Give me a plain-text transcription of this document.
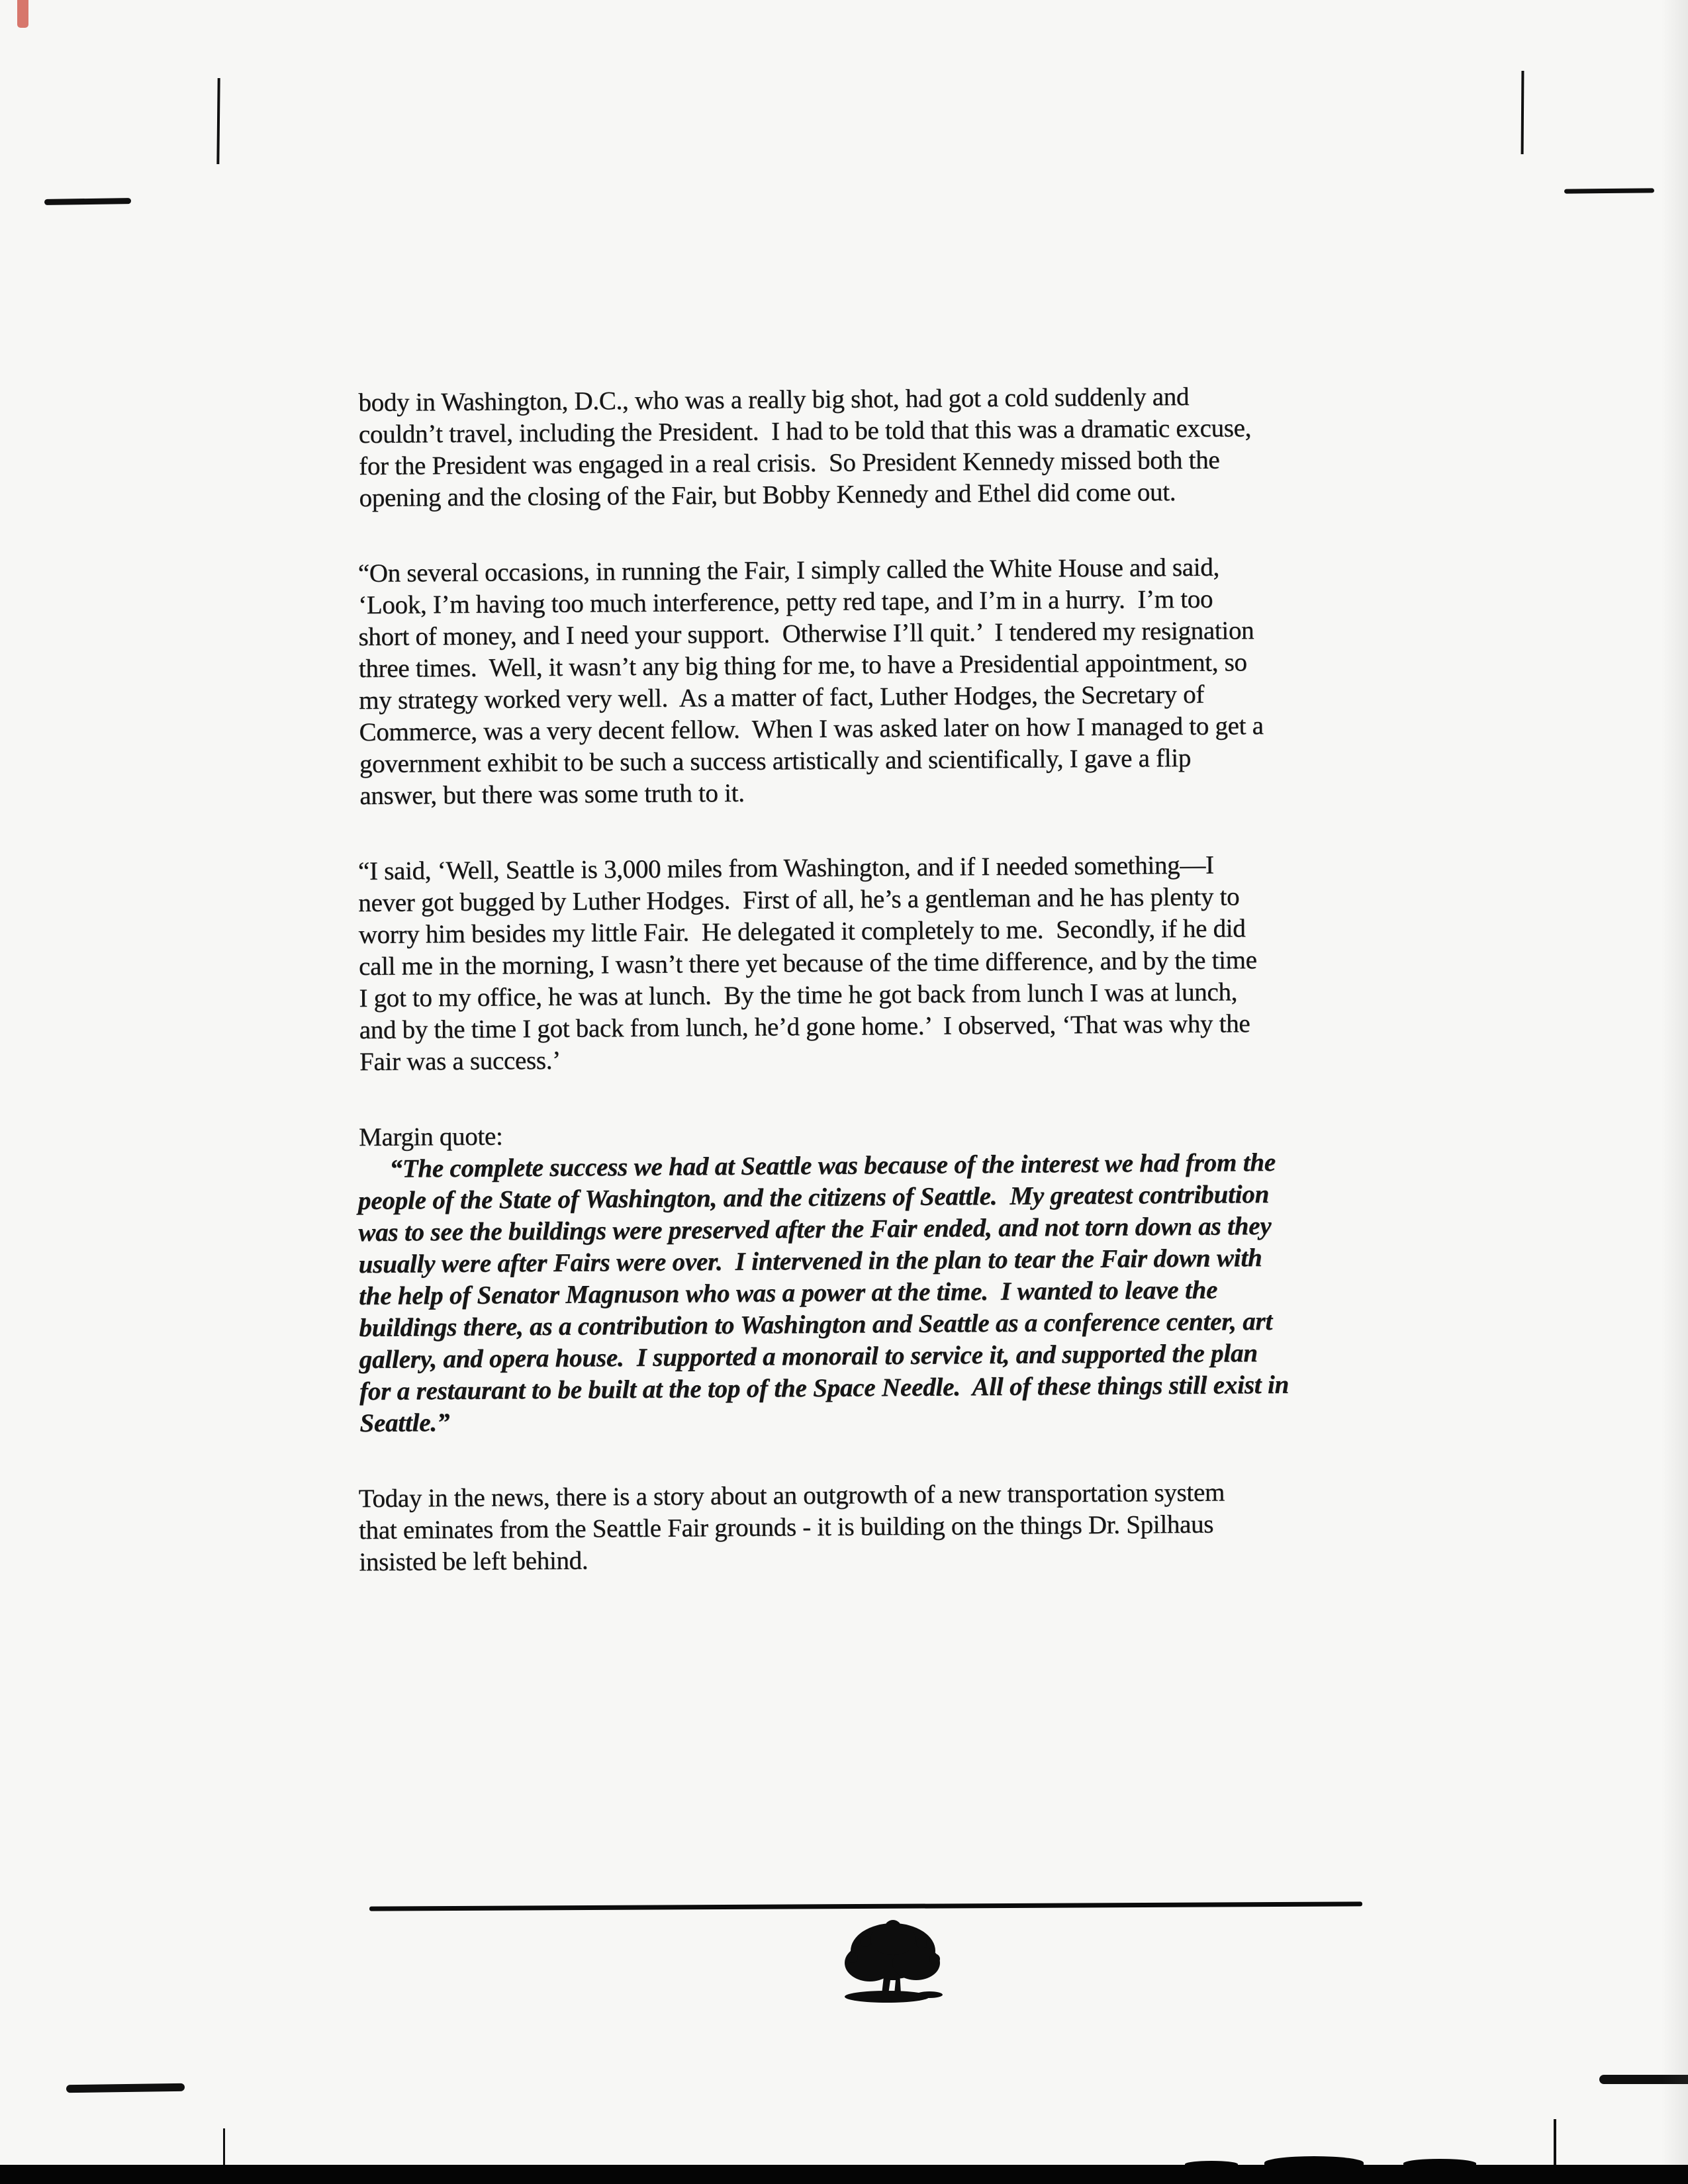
body in Washington, D.C., who was a really big shot, had got a cold suddenly and
couldn’t travel, including the President.  I had to be told that this was a dramatic excuse,
for the President was engaged in a real crisis.  So President Kennedy missed both the
opening and the closing of the Fair, but Bobby Kennedy and Ethel did come out.

“On several occasions, in running the Fair, I simply called the White House and said,
‘Look, I’m having too much interference, petty red tape, and I’m in a hurry.  I’m too
short of money, and I need your support.  Otherwise I’ll quit.’  I tendered my resignation
three times.  Well, it wasn’t any big thing for me, to have a Presidential appointment, so
my strategy worked very well.  As a matter of fact, Luther Hodges, the Secretary of
Commerce, was a very decent fellow.  When I was asked later on how I managed to get a
government exhibit to be such a success artistically and scientifically, I gave a flip
answer, but there was some truth to it.

“I said, ‘Well, Seattle is 3,000 miles from Washington, and if I needed something—I
never got bugged by Luther Hodges.  First of all, he’s a gentleman and he has plenty to
worry him besides my little Fair.  He delegated it completely to me.  Secondly, if he did
call me in the morning, I wasn’t there yet because of the time difference, and by the time
I got to my office, he was at lunch.  By the time he got back from lunch I was at lunch,
and by the time I got back from lunch, he’d gone home.’  I observed, ‘That was why the
Fair was a success.’

Margin quote:

“The complete success we had at Seattle was because of the interest we had from the
people of the State of Washington, and the citizens of Seattle.  My greatest contribution
was to see the buildings were preserved after the Fair ended, and not torn down as they
usually were after Fairs were over.  I intervened in the plan to tear the Fair down with
the help of Senator Magnuson who was a power at the time.  I wanted to leave the
buildings there, as a contribution to Washington and Seattle as a conference center, art
gallery, and opera house.  I supported a monorail to service it, and supported the plan
for a restaurant to be built at the top of the Space Needle.  All of these things still exist in
Seattle.”

Today in the news, there is a story about an outgrowth of a new transportation system
that eminates from the Seattle Fair grounds - it is building on the things Dr. Spilhaus
insisted be left behind.
